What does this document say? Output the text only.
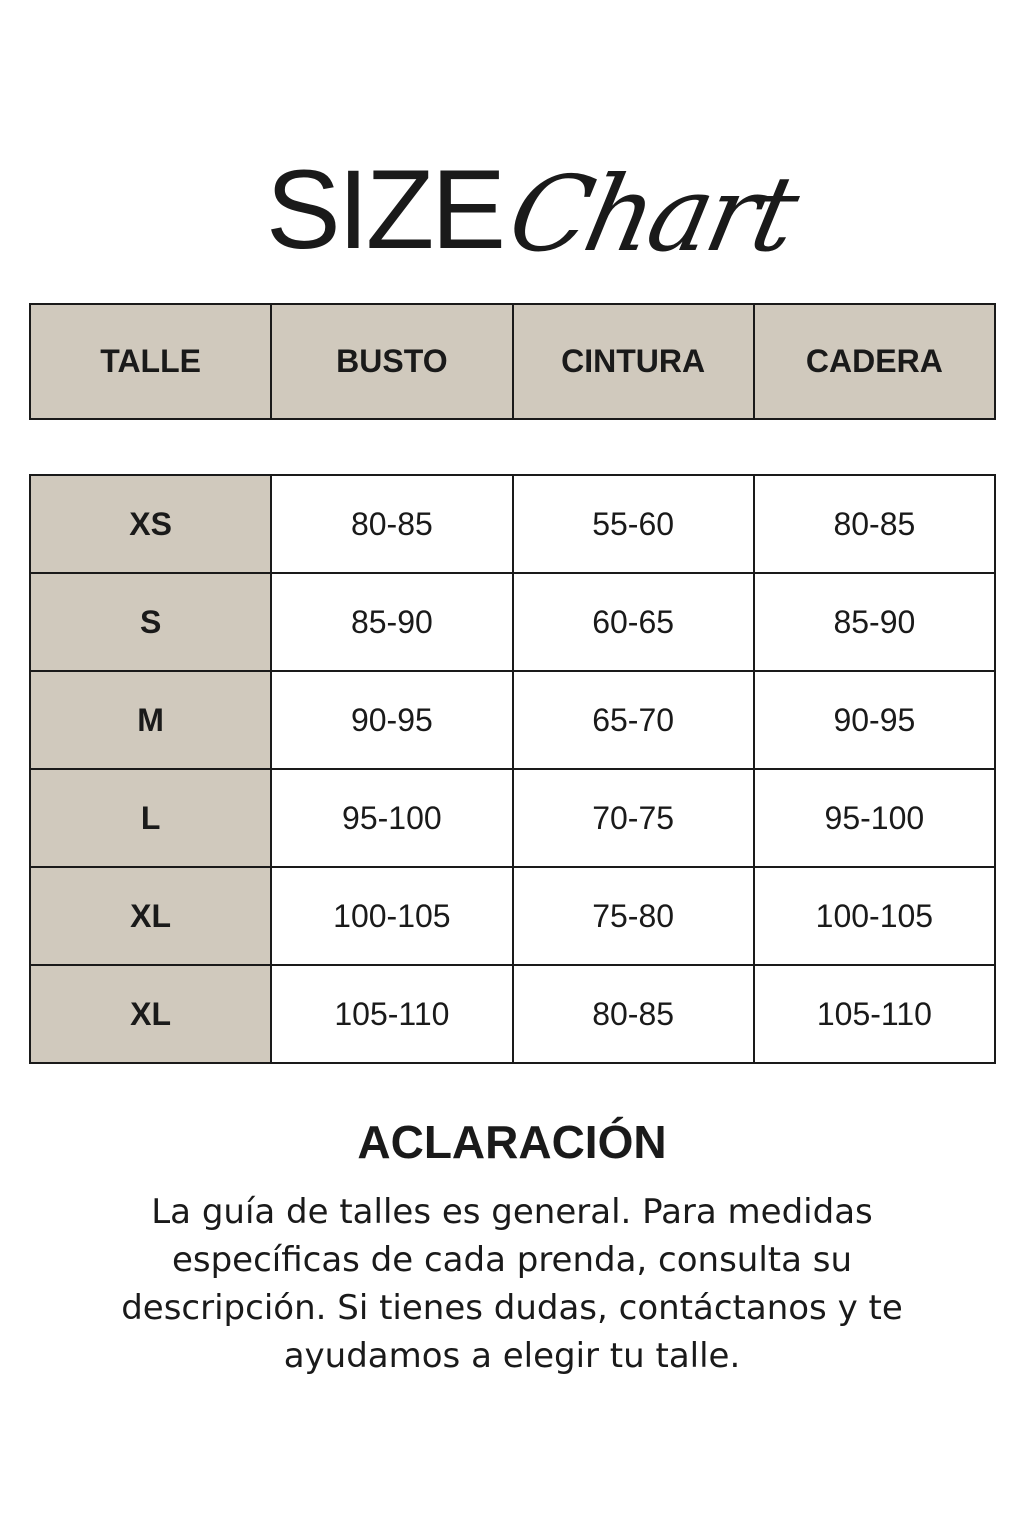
SIZE
Chart
TALLE	BUSTO	CINTURA	CADERA
XS	80-85	55-60	80-85
S	85-90	60-65	85-90
M	90-95	65-70	90-95
L	95-100	70-75	95-100
XL	100-105	75-80	100-105
XL	105-110	80-85	105-110
ACLARACIÓN
La guía de talles es general. Para medidas específicas de cada prenda, consulta su descripción. Si tienes dudas, contáctanos y te ayudamos a elegir tu talle.
